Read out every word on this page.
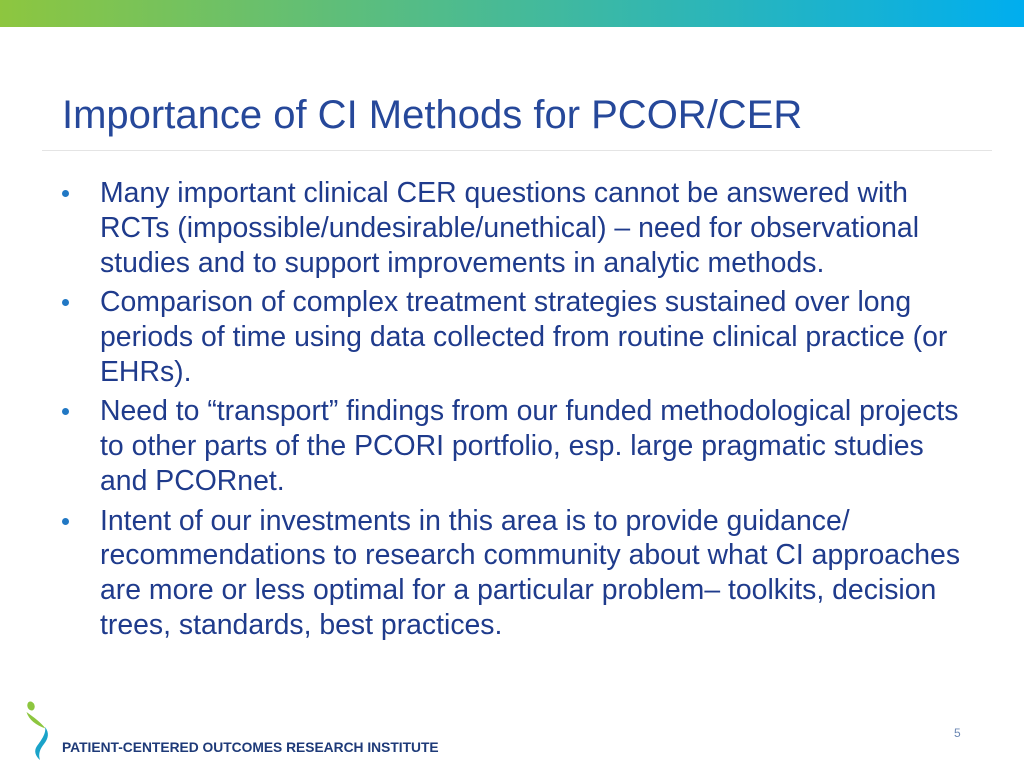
Importance of CI Methods for PCOR/CER
Many important clinical CER questions cannot be answered with
RCTs (impossible/undesirable/unethical) – need for observational
studies and to support improvements in analytic methods.
Comparison of complex treatment strategies sustained over long
periods of time using data collected from routine clinical practice (or
EHRs).
Need to “transport” findings from our funded methodological projects
to other parts of the PCORI portfolio, esp. large pragmatic studies
and PCORnet.
Intent of our investments in this area is to provide guidance/
recommendations to research community about what CI approaches
are more or less optimal for a particular problem– toolkits, decision
trees, standards, best practices.
PATIENT-CENTERED OUTCOMES RESEARCH INSTITUTE
5
